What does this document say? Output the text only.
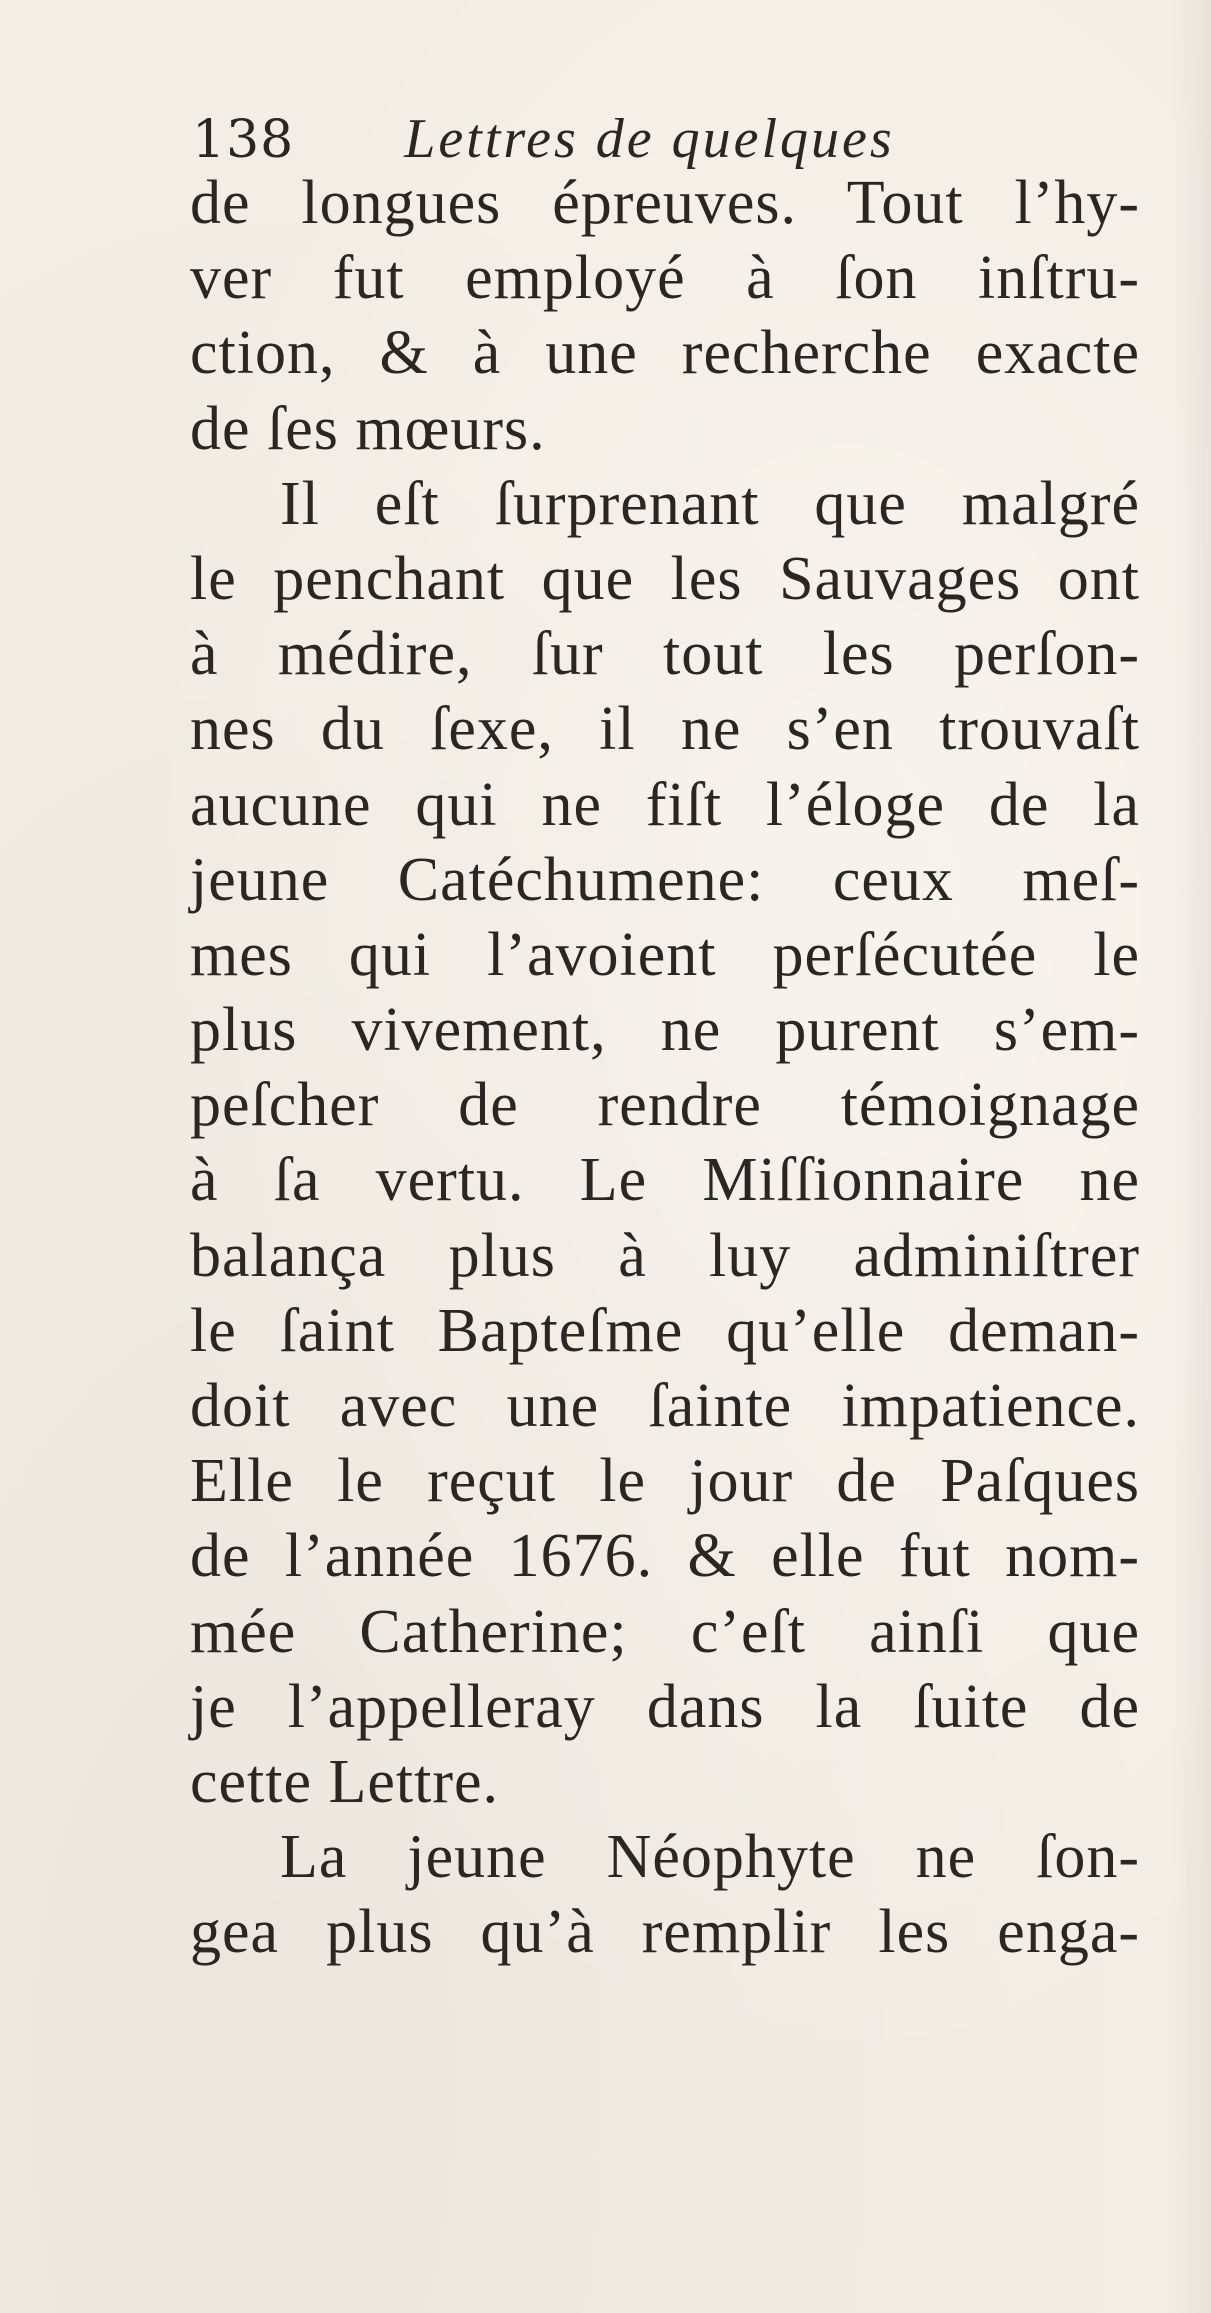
138 Lettres de quelques
de longues épreuves. Tout l’hy-
ver fut employé à ſon inſtru-
ction, & à une recherche exacte
de ſes mœurs.
Il eſt ſurprenant que malgré
le penchant que les Sauvages ont
à médire, ſur tout les perſon-
nes du ſexe, il ne s’en trouvaſt
aucune qui ne fiſt l’éloge de la
jeune Catéchumene: ceux meſ-
mes qui l’avoient perſécutée le
plus vivement, ne purent s’em-
peſcher de rendre témoignage
à ſa vertu. Le Miſſionnaire ne
balança plus à luy adminiſtrer
le ſaint Bapteſme qu’elle deman-
doit avec une ſainte impatience.
Elle le reçut le jour de Paſques
de l’année 1676. & elle fut nom-
mée Catherine; c’eſt ainſi que
je l’appelleray dans la ſuite de
cette Lettre.
La jeune Néophyte ne ſon-
gea plus qu’à remplir les enga-
